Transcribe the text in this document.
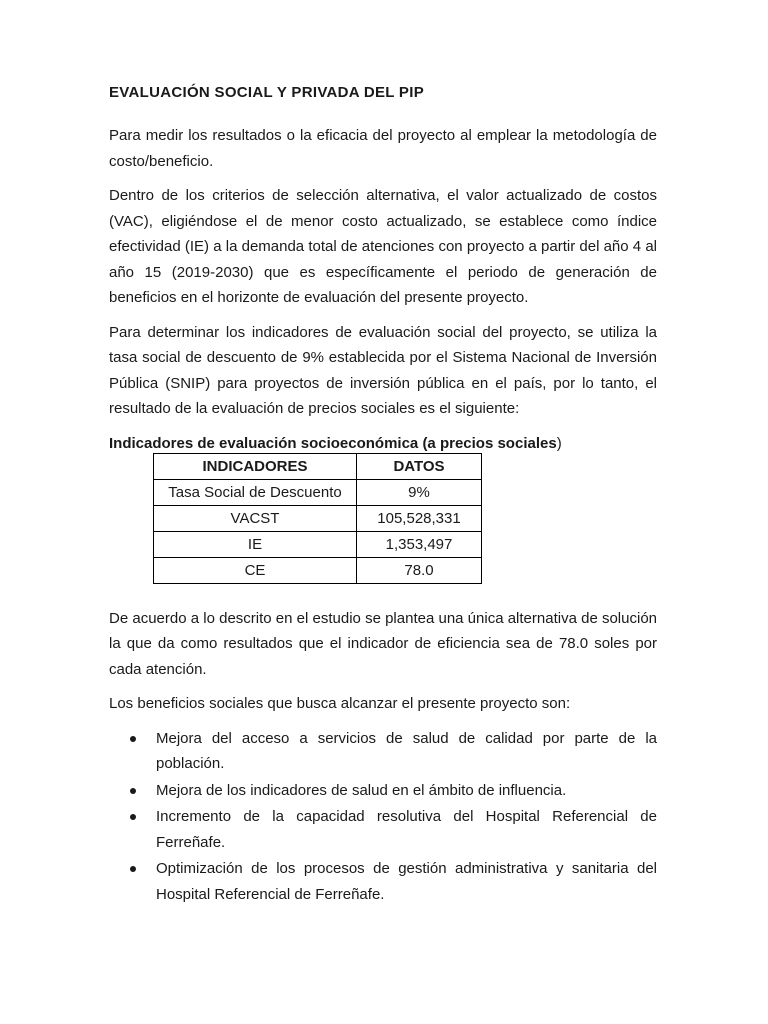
EVALUACIÓN SOCIAL Y PRIVADA DEL PIP

Para medir los resultados o la eficacia del proyecto al emplear la metodología de costo/beneficio.

Dentro de los criterios de selección alternativa, el valor actualizado de costos (VAC), eligiéndose el de menor costo actualizado, se establece como índice efectividad (IE) a la demanda total de atenciones con proyecto a partir del año 4 al año 15 (2019-2030) que es específicamente el periodo de generación de beneficios en el horizonte de evaluación del presente proyecto.

Para determinar los indicadores de evaluación social del proyecto, se utiliza la tasa social de descuento de 9% establecida por el Sistema Nacional de Inversión Pública (SNIP) para proyectos de inversión pública en el país, por lo tanto, el resultado de la evaluación de precios sociales es el siguiente:

Indicadores de evaluación socioeconómica (a precios sociales)
INDICADORES	DATOS
Tasa Social de Descuento	9%
VACST	105,528,331
IE	1,353,497
CE	78.0

De acuerdo a lo descrito en el estudio se plantea una única alternativa de solución la que da como resultados que el indicador de eficiencia sea de 78.0 soles por cada atención.

Los beneficios sociales que busca alcanzar el presente proyecto son:

Mejora del acceso a servicios de salud de calidad por parte de la población.
Mejora de los indicadores de salud en el ámbito de influencia.
Incremento de la capacidad resolutiva del Hospital Referencial de Ferreñafe.
Optimización de los procesos de gestión administrativa y sanitaria del Hospital Referencial de Ferreñafe.
